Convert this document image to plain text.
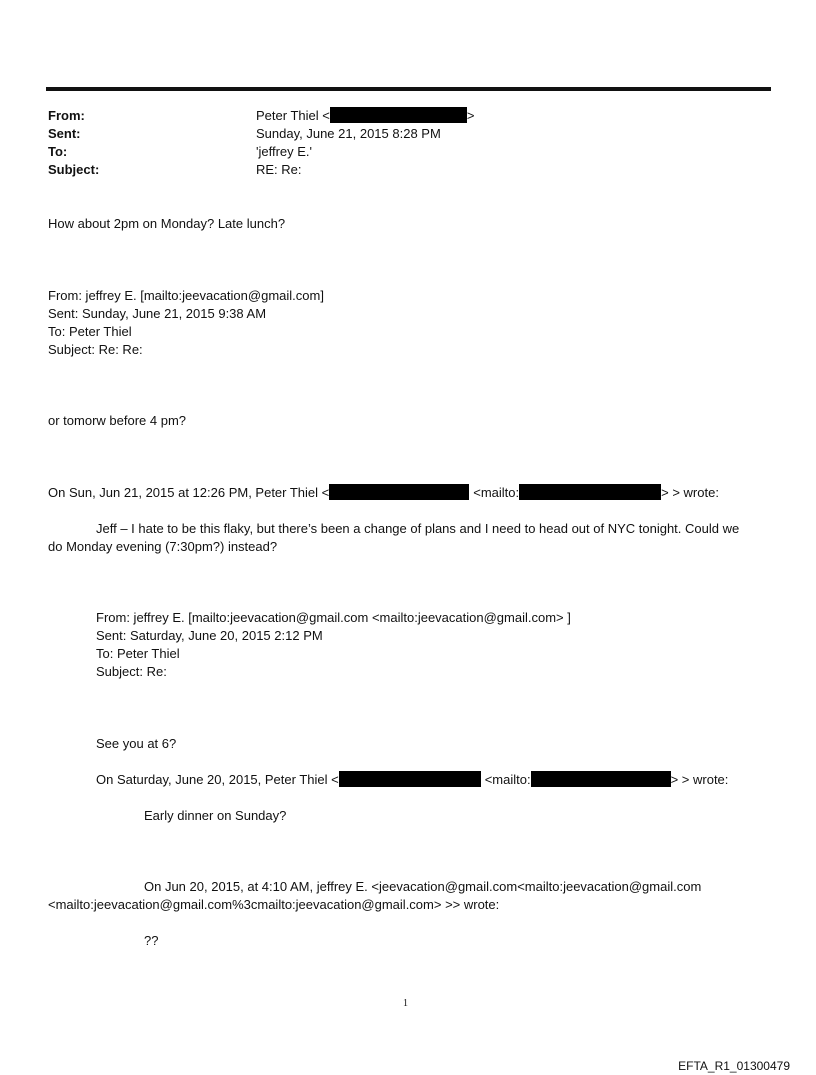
From:	Peter Thiel <	>
Sent:	Sunday, June 21, 2015 8:28 PM
To:	'jeffrey E.'
Subject:	RE: Re:
How about 2pm on Monday? Late lunch?
From: jeffrey E. [mailto:jeevacation@gmail.com]
Sent: Sunday, June 21, 2015 9:38 AM
To: Peter Thiel
Subject: Re: Re:
or tomorw before 4 pm?
On Sun, Jun 21, 2015 at 12:26 PM, Peter Thiel <	<mailto:	> > wrote:
Jeff – I hate to be this flaky, but there’s been a change of plans and I need to head out of NYC tonight. Could we
do Monday evening (7:30pm?) instead?
From: jeffrey E. [mailto:jeevacation@gmail.com <mailto:jeevacation@gmail.com> ]
Sent: Saturday, June 20, 2015 2:12 PM
To: Peter Thiel
Subject: Re:
See you at 6?
On Saturday, June 20, 2015, Peter Thiel <	<mailto:	> > wrote:
Early dinner on Sunday?
On Jun 20, 2015, at 4:10 AM, jeffrey E. <jeevacation@gmail.com<mailto:jeevacation@gmail.com
<mailto:jeevacation@gmail.com%3cmailto:jeevacation@gmail.com> >> wrote:
??
1
EFTA_R1_01300479
